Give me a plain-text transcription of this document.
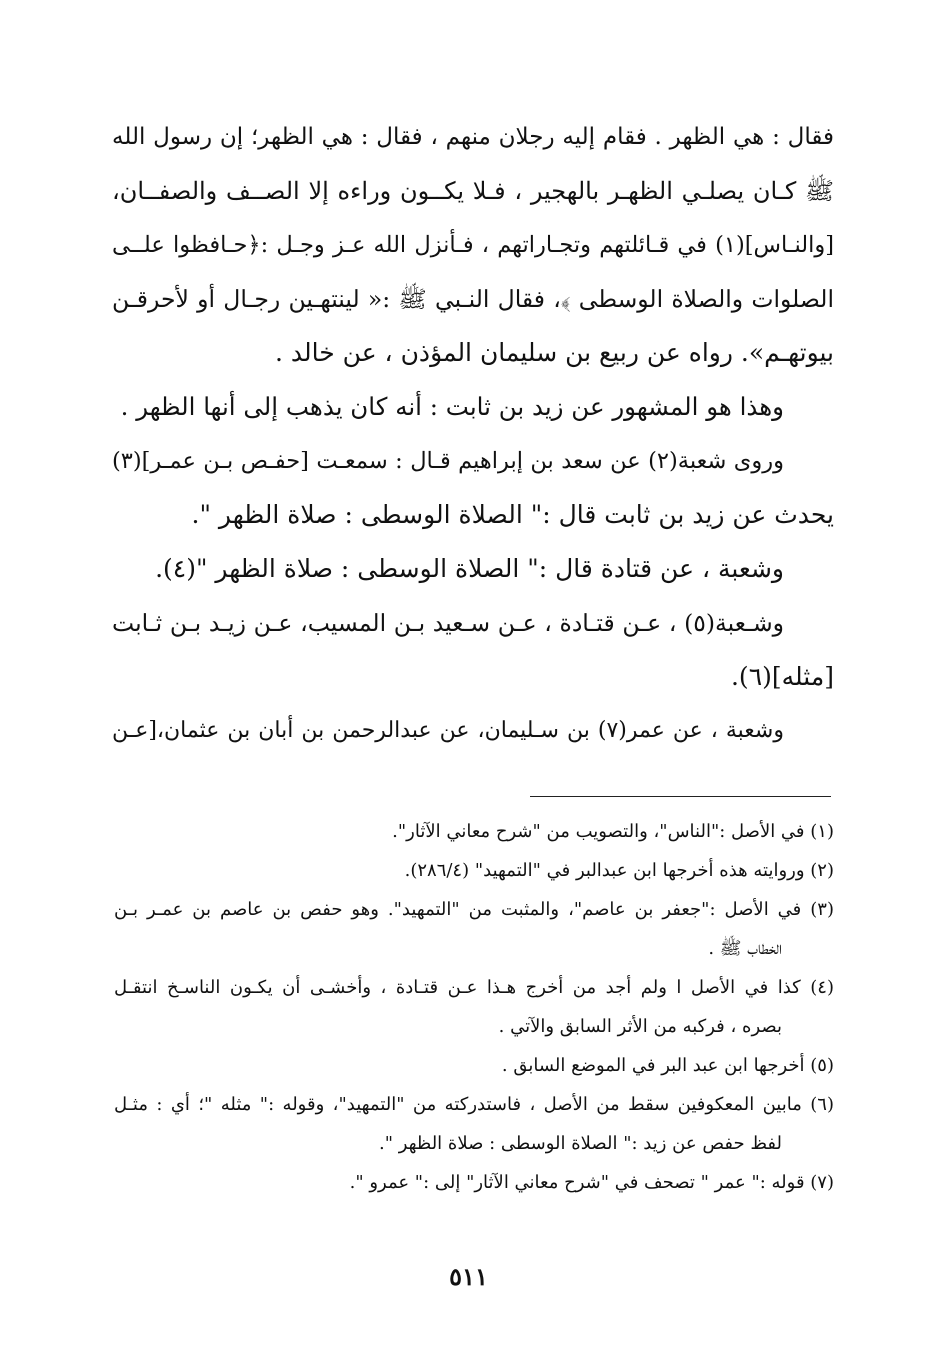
فقال : هي الظهر . فقام إليه رجلان منهم ، فقال : هي الظهر؛ إن رسول الله
ﷺ كـان يصلـي الظهـر بالهجير ، فـلا يكــون وراءه إلا الصــف والصفــان،
[والنـاس](١) في قـائلتهم وتجـاراتهم ، فـأنزل الله عـز وجـل :﴿حـافظوا علــى
الصلوات والصلاة الوسطى ﴾، فقال النـبي ﷺ :« لينتهـين رجـال أو لأحرقـن
بيوتهـم». رواه عن ربيع بن سليمان المؤذن ، عن خالد .
وهذا هو المشهور عن زيد بن ثابت : أنه كان يذهب إلى أنها الظهر .
وروى شعبة(٢) عن سعد بن إبراهيم قـال : سمعـت [حفـص بـن عمـر](٣)
يحدث عن زيد بن ثابت قال :" الصلاة الوسطى : صلاة الظهر ".
وشعبة ، عن قتادة قال :" الصلاة الوسطى : صلاة الظهر "(٤).
وشـعبة(٥) ، عـن قتـادة ، عـن سـعيد بـن المسيب، عـن زيـد بـن ثـابت
[مثله](٦).
وشعبة ، عن عمر(٧) بن سـليمان، عن عبدالرحمن بن أبان بن عثمان،[عـن
(١) في الأصل :"الناس"، والتصويب من "شرح معاني الآثار".
(٢) وروايته هذه أخرجها ابن عبدالبر في "التمهيد" (٢٨٦/٤).
(٣) في الأصل :"جعفر بن عاصم"، والمثبت من "التمهيد". وهو حفص بن عاصم بن عمـر بـن
الخطاب ﷺ .
(٤) كذا في الأصل ا ولم أجد من أخرج هـذا عـن قتـادة ، وأخشـى أن يكـون الناسـخ انتقـل
بصره ، فركبه من الأثر السابق والآتي .
(٥) أخرجها ابن عبد البر في الموضع السابق .
(٦) مابين المعكوفين سقط من الأصل ، فاستدركته من "التمهيد"، وقوله :" مثله "؛ أي : مثـل
لفظ حفص عن زيد :" الصلاة الوسطى : صلاة الظهر ".
(٧) قوله :" عمر " تصحف في "شرح معاني الآثار" إلى :" عمرو ".
٥١١
